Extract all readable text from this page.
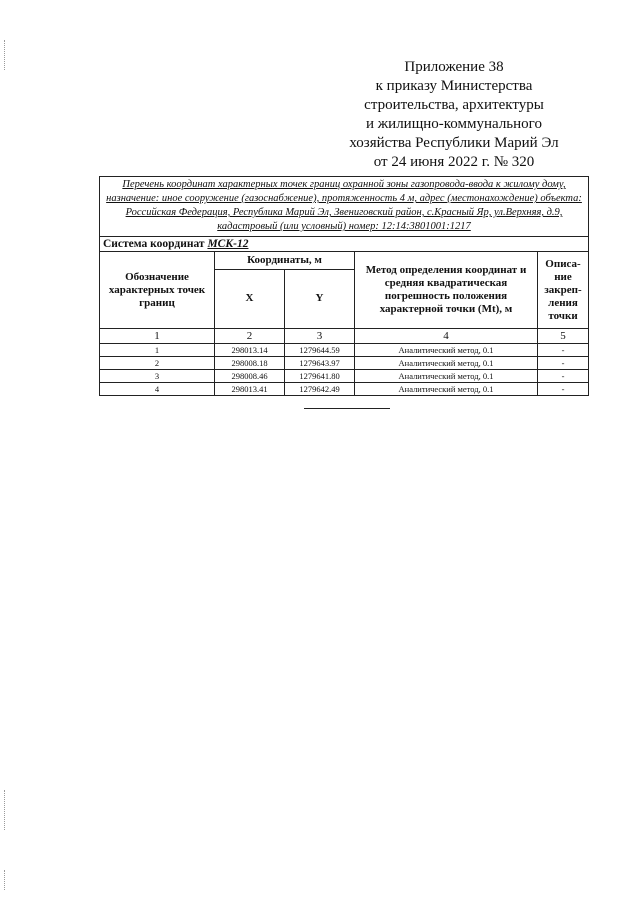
Приложение 38
к приказу Министерства
строительства, архитектуры
и жилищно-коммунального
хозяйства Республики Марий Эл
от 24 июня 2022 г. № 320
Перечень координат характерных точек границ охранной зоны газопровода-ввода к жилому дому, назначение: иное сооружение (газоснабжение), протяженность 4 м, адрес (местонахождение) объекта: Российская Федерация, Республика Марий Эл, Звениговский район, с.Красный Яр, ул.Верхняя, д.9, кадастровый (или условный) номер: 12:14:3801001:1217				
Система координат МСК-12				
Обозначение характерных точек границ	Координаты, м		Метод определения координат и средняя квадратическая погрешность положения характерной точки (Mt), м	Описа-ние закреп-ления точки
	X	Y		
1	2	3	4	5
1	298013.14	1279644.59	Аналитический метод, 0.1	-
2	298008.18	1279643.97	Аналитический метод, 0.1	-
3	298008.46	1279641.80	Аналитический метод, 0.1	-
4	298013.41	1279642.49	Аналитический метод, 0.1	-
